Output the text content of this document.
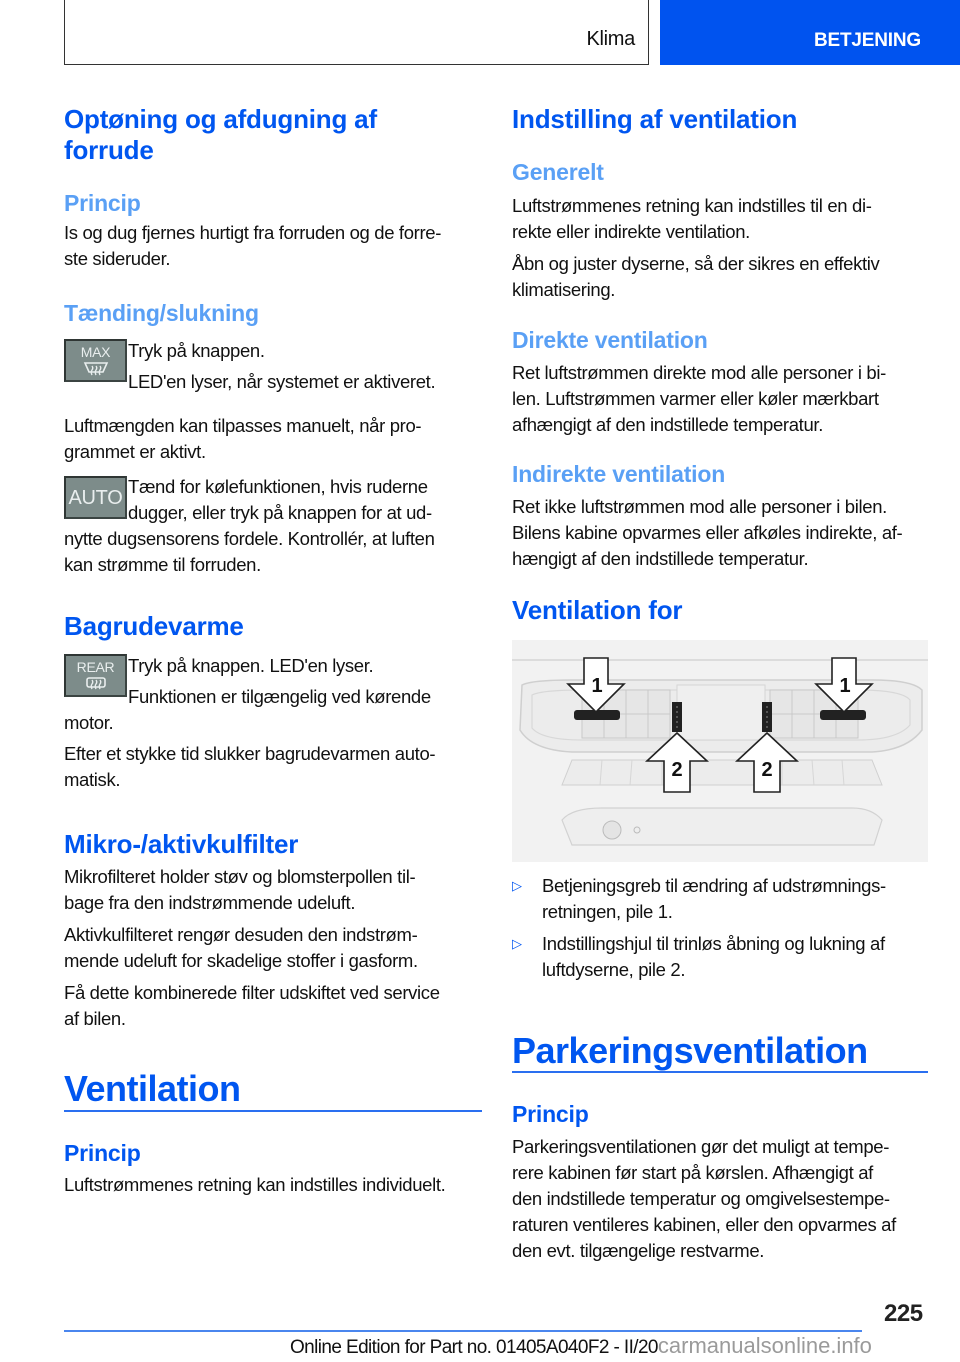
Klima	BETJENING
Optøning og afdugning af
forrude
Princip
Is og dug fjernes hurtigt fra forruden og de forre-
ste sideruder.
Tænding/slukning
MAX Tryk på knappen.
LED'en lyser, når systemet er aktiveret.
Luftmængden kan tilpasses manuelt, når pro-
grammet er aktivt.
AUTO
Tænd for kølefunktionen, hvis ruderne
dugger, eller tryk på knappen for at ud-
nytte dugsensorens fordele. Kontrollér, at luften
kan strømme til forruden.
Bagrudevarme
REAR Tryk på knappen. LED'en lyser.
Funktionen er tilgængelig ved kørende
motor.
Efter et stykke tid slukker bagrudevarmen auto-
matisk.
Mikro-/aktivkulfilter
Mikrofilteret holder støv og blomsterpollen til-
bage fra den indstrømmende udeluft.
Aktivkulfilteret rengør desuden den indstrøm-
mende udeluft for skadelige stoffer i gasform.
Få dette kombinerede filter udskiftet ved service
af bilen.
Ventilation
Princip
Luftstrømmenes retning kan indstilles individuelt.
Indstilling af ventilation
Generelt
Luftstrømmenes retning kan indstilles til en di-
rekte eller indirekte ventilation.
Åbn og juster dyserne, så der sikres en effektiv
klimatisering.
Direkte ventilation
Ret luftstrømmen direkte mod alle personer i bi-
len. Luftstrømmen varmer eller køler mærkbart
afhængigt af den indstillede temperatur.
Indirekte ventilation
Ret ikke luftstrømmen mod alle personer i bilen.
Bilens kabine opvarmes eller afkøles indirekte, af-
hængigt af den indstillede temperatur.
Ventilation for
1	1
2	2
▷ Betjeningsgreb til ændring af udstrømnings-
retningen, pile 1.
▷ Indstillingshjul til trinløs åbning og lukning af
luftdyserne, pile 2.
Parkeringsventilation
Princip
Parkeringsventilationen gør det muligt at tempe-
rere kabinen før start på kørslen. Afhængigt af
den indstillede temperatur og omgivelsestempe-
raturen ventileres kabinen, eller den opvarmes af
den evt. tilgængelige restvarme.
225
Online Edition for Part no. 01405A040F2 - II/20carmanualsonline.info
